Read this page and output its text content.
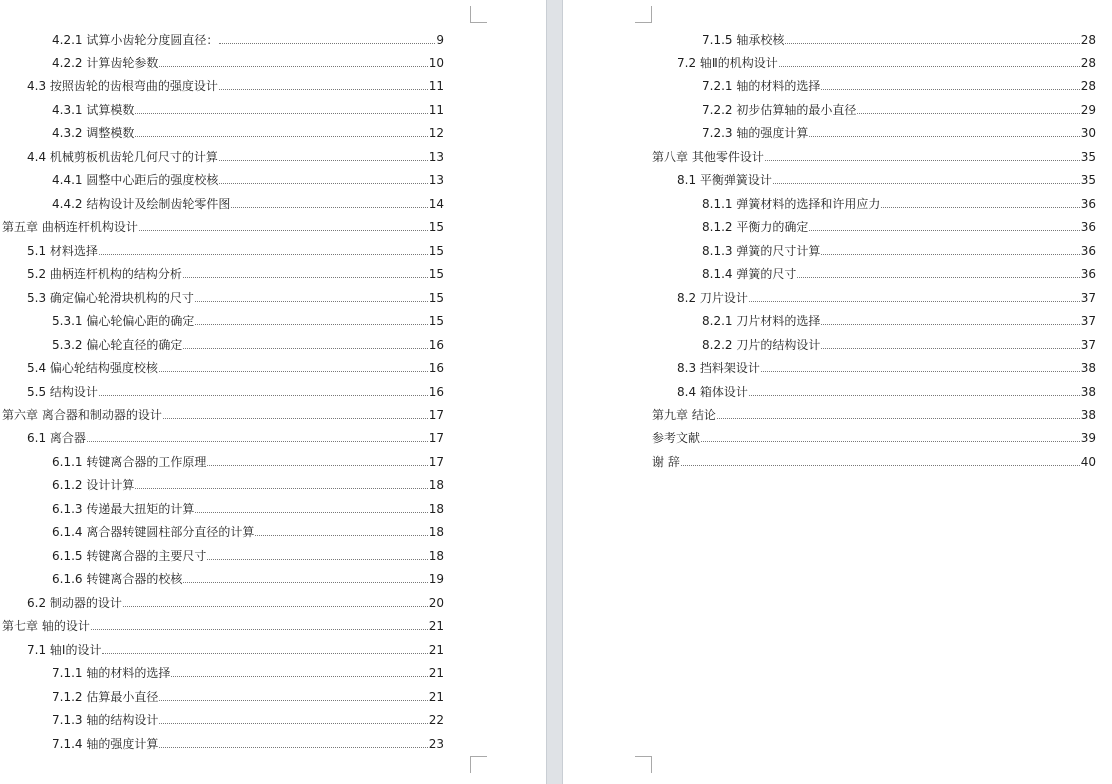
4.2.1 试算小齿轮分度圆直径：	9
4.2.2 计算齿轮参数	10
4.3 按照齿轮的齿根弯曲的强度设计	11
4.3.1 试算模数	11
4.3.2 调整模数	12
4.4 机械剪板机齿轮几何尺寸的计算	13
4.4.1 圆整中心距后的强度校核	13
4.4.2 结构设计及绘制齿轮零件图	14
第五章 曲柄连杆机构设计	15
5.1 材料选择	15
5.2 曲柄连杆机构的结构分析	15
5.3 确定偏心轮滑块机构的尺寸	15
5.3.1 偏心轮偏心距的确定	15
5.3.2 偏心轮直径的确定	16
5.4 偏心轮结构强度校核	16
5.5 结构设计	16
第六章 离合器和制动器的设计	17
6.1 离合器	17
6.1.1 转键离合器的工作原理	17
6.1.2 设计计算	18
6.1.3 传递最大扭矩的计算	18
6.1.4 离合器转键圆柱部分直径的计算	18
6.1.5 转键离合器的主要尺寸	18
6.1.6 转键离合器的校核	19
6.2 制动器的设计	20
第七章 轴的设计	21
7.1 轴Ⅰ的设计	21
7.1.1 轴的材料的选择	21
7.1.2 估算最小直径	21
7.1.3 轴的结构设计	22
7.1.4 轴的强度计算	23
7.1.5 轴承校核	28
7.2 轴Ⅱ的机构设计	28
7.2.1 轴的材料的选择	28
7.2.2 初步估算轴的最小直径	29
7.2.3 轴的强度计算	30
第八章 其他零件设计	35
8.1 平衡弹簧设计	35
8.1.1 弹簧材料的选择和许用应力	36
8.1.2 平衡力的确定	36
8.1.3 弹簧的尺寸计算	36
8.1.4 弹簧的尺寸	36
8.2 刀片设计	37
8.2.1 刀片材料的选择	37
8.2.2 刀片的结构设计	37
8.3 挡料架设计	38
8.4 箱体设计	38
第九章 结论	38
参考文献	39
谢 辞	40
